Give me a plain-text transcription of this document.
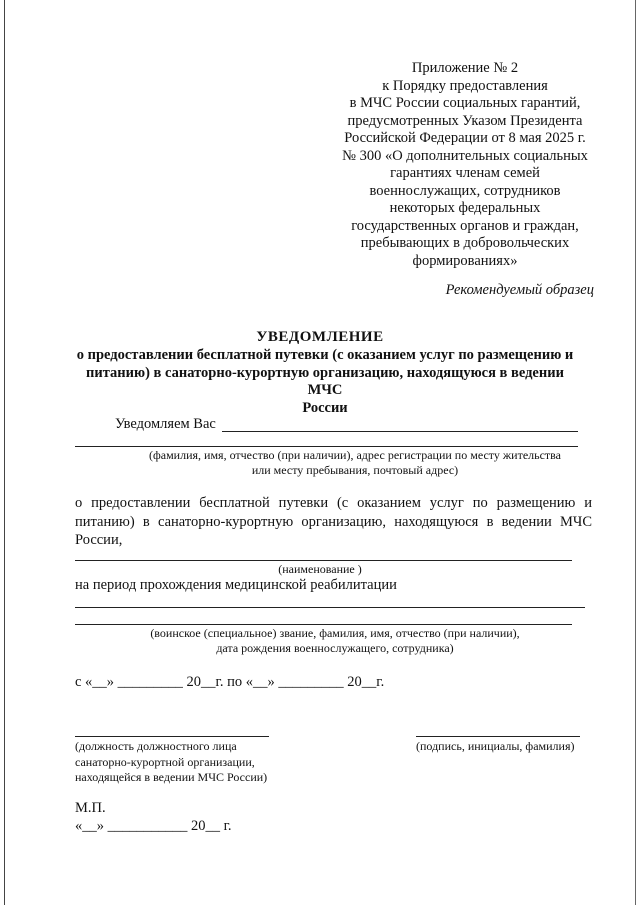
Приложение № 2
к Порядку предоставления
в МЧС России социальных гарантий,
предусмотренных Указом Президента
Российской Федерации от 8 мая 2025 г.
№ 300 «О дополнительных социальных
гарантиях членам семей
военнослужащих, сотрудников
некоторых федеральных
государственных органов и граждан,
пребывающих в добровольческих
формированиях»
Рекомендуемый образец
УВЕДОМЛЕНИЕ
о предоставлении бесплатной путевки (с оказанием услуг по размещению и
питанию) в санаторно-курортную организацию, находящуюся в ведении МЧС
России
Уведомляем Вас
(фамилия, имя, отчество (при наличии), адрес регистрации по месту жительства
или месту пребывания, почтовый адрес)
о предоставлении бесплатной путевки (с оказанием услуг по размещению и питанию) в санаторно-курортную организацию, находящуюся в ведении МЧС России,
(наименование )
на период прохождения медицинской реабилитации
(воинское (специальное) звание, фамилия, имя, отчество (при наличии),
дата рождения военнослужащего, сотрудника)
с «__» _________ 20__г. по «__» _________ 20__г.
(должность должностного лица
санаторно-курортной организации,
находящейся в ведении МЧС России)
(подпись, инициалы, фамилия)
М.П.
«__» ___________ 20__ г.
